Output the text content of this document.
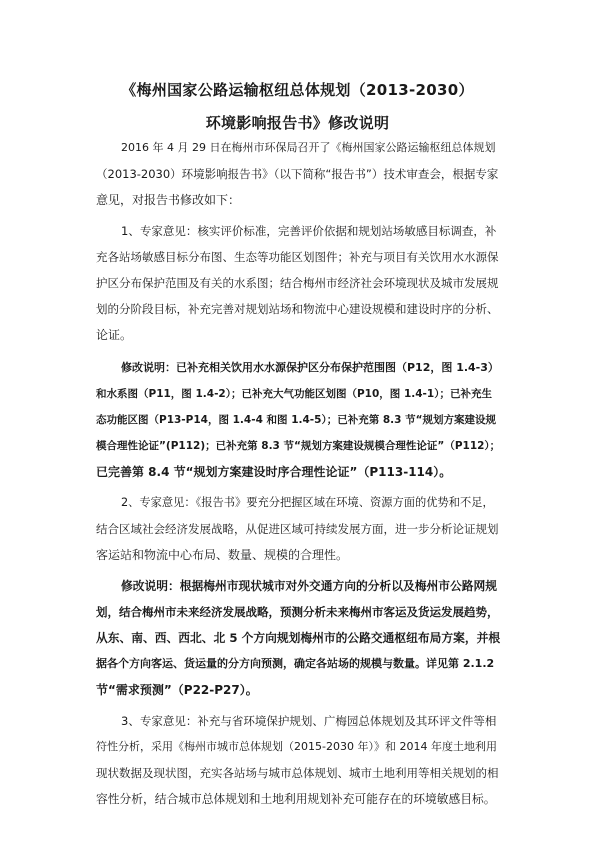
《梅州国家公路运输枢纽总体规划（2013-2030）
环境影响报告书》修改说明
2016 年 4 月 29 日在梅州市环保局召开了《梅州国家公路运输枢纽总体规划
（2013-2030）环境影响报告书》（以下简称“报告书”）技术审查会，根据专家
意见，对报告书修改如下：
1、专家意见：核实评价标准，完善评价依据和规划站场敏感目标调查，补
充各站场敏感目标分布图、生态等功能区划图件；补充与项目有关饮用水水源保
护区分布保护范围及有关的水系图；结合梅州市经济社会环境现状及城市发展规
划的分阶段目标，补充完善对规划站场和物流中心建设规模和建设时序的分析、
论证。
修改说明：已补充相关饮用水水源保护区分布保护范围图（P12，图 1.4-3）
和水系图（P11，图 1.4-2）；已补充大气功能区划图（P10，图 1.4-1）；已补充生
态功能区图（P13-P14，图 1.4-4 和图 1.4-5）；已补充第 8.3 节“规划方案建设规
模合理性论证”(P112)；已补充第 8.3 节“规划方案建设规模合理性论证”（P112）；
已完善第 8.4 节“规划方案建设时序合理性论证”（P113-114）。
2、专家意见：《报告书》要充分把握区域在环境、资源方面的优势和不足，
结合区域社会经济发展战略，从促进区域可持续发展方面，进一步分析论证规划
客运站和物流中心布局、数量、规模的合理性。
修改说明：根据梅州市现状城市对外交通方向的分析以及梅州市公路网规
划，结合梅州市未来经济发展战略，预测分析未来梅州市客运及货运发展趋势，
从东、南、西、西北、北 5 个方向规划梅州市的公路交通枢纽布局方案，并根
据各个方向客运、货运量的分方向预测，确定各站场的规模与数量。详见第 2.1.2
节“需求预测”（P22-P27）。
3、专家意见：补充与省环境保护规划、广梅园总体规划及其环评文件等相
符性分析，采用《梅州市城市总体规划（2015-2030 年）》和 2014 年度土地利用
现状数据及现状图，充实各站场与城市总体规划、城市土地利用等相关规划的相
容性分析，结合城市总体规划和土地利用规划补充可能存在的环境敏感目标。
